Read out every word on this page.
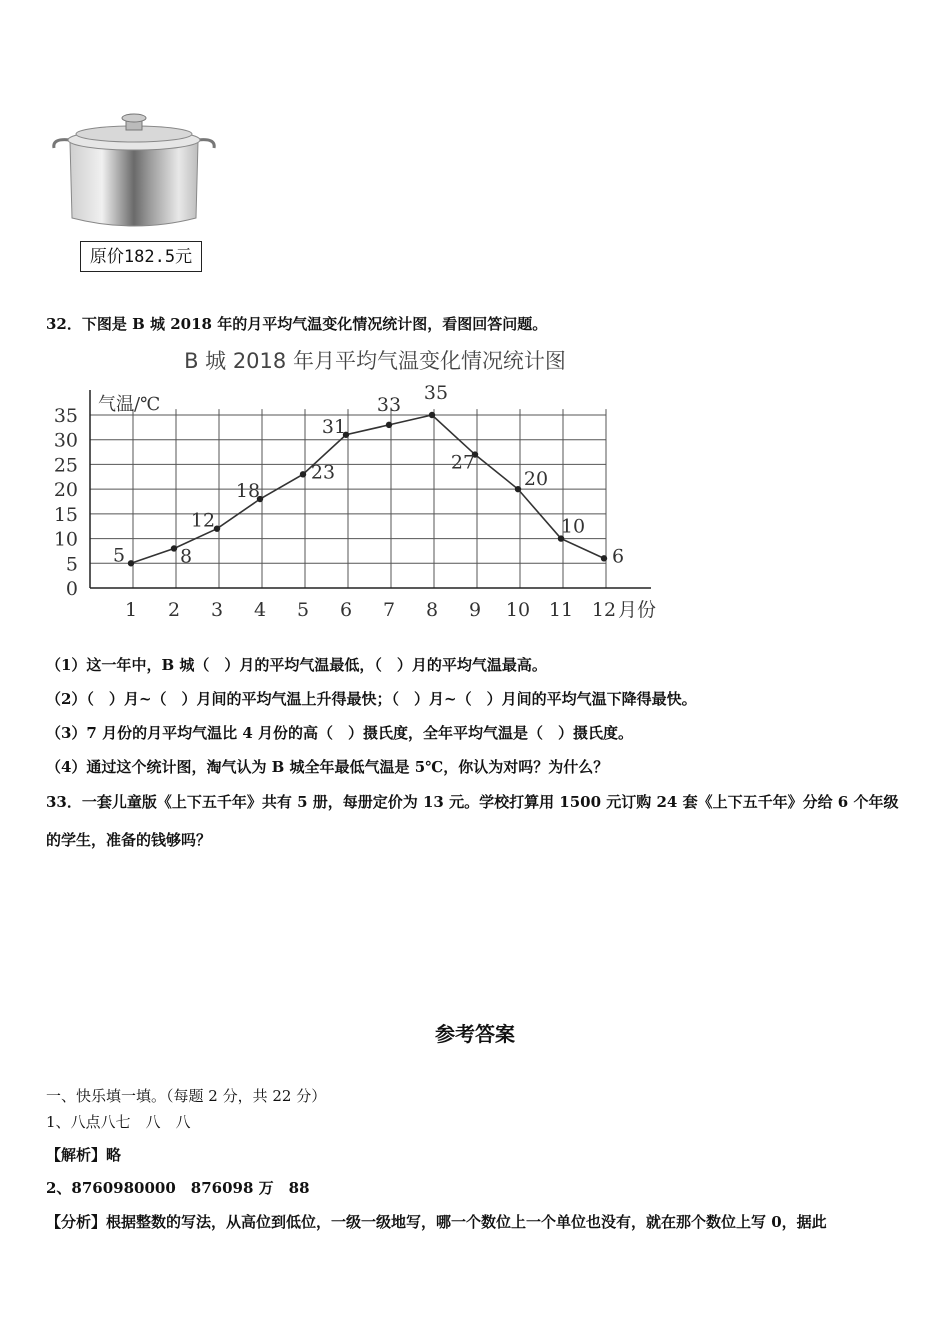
原价182.5元
32．下图是 B 城 2018 年的月平均气温变化情况统计图，看图回答问题。
B 城 2018 年月平均气温变化情况统计图
0
5
10
15
20
25
30
35
气温/℃
月份
1 2 3 4 5 6 7 8 9 10 11 12
5	8
12
18
23
31
33
35
27
20
10
6
（1）这一年中，B 城（　）月的平均气温最低，（　）月的平均气温最高。
（2）（　）月~（　）月间的平均气温上升得最快；（　）月~（　）月间的平均气温下降得最快。
（3）7 月份的月平均气温比 4 月份的高（　）摄氏度，全年平均气温是（　）摄氏度。
（4）通过这个统计图，淘气认为 B 城全年最低气温是 5℃，你认为对吗？为什么？
33．一套儿童版《上下五千年》共有 5 册，每册定价为 13 元。学校打算用 1500 元订购 24 套《上下五千年》分给 6 个年级
的学生，准备的钱够吗？
参考答案
一、快乐填一填。（每题 2 分，共 22 分）
1、八点八七　八　八
【解析】略
2、8760980000　876098 万　88
【分析】根据整数的写法，从高位到低位，一级一级地写，哪一个数位上一个单位也没有，就在那个数位上写 0，据此
